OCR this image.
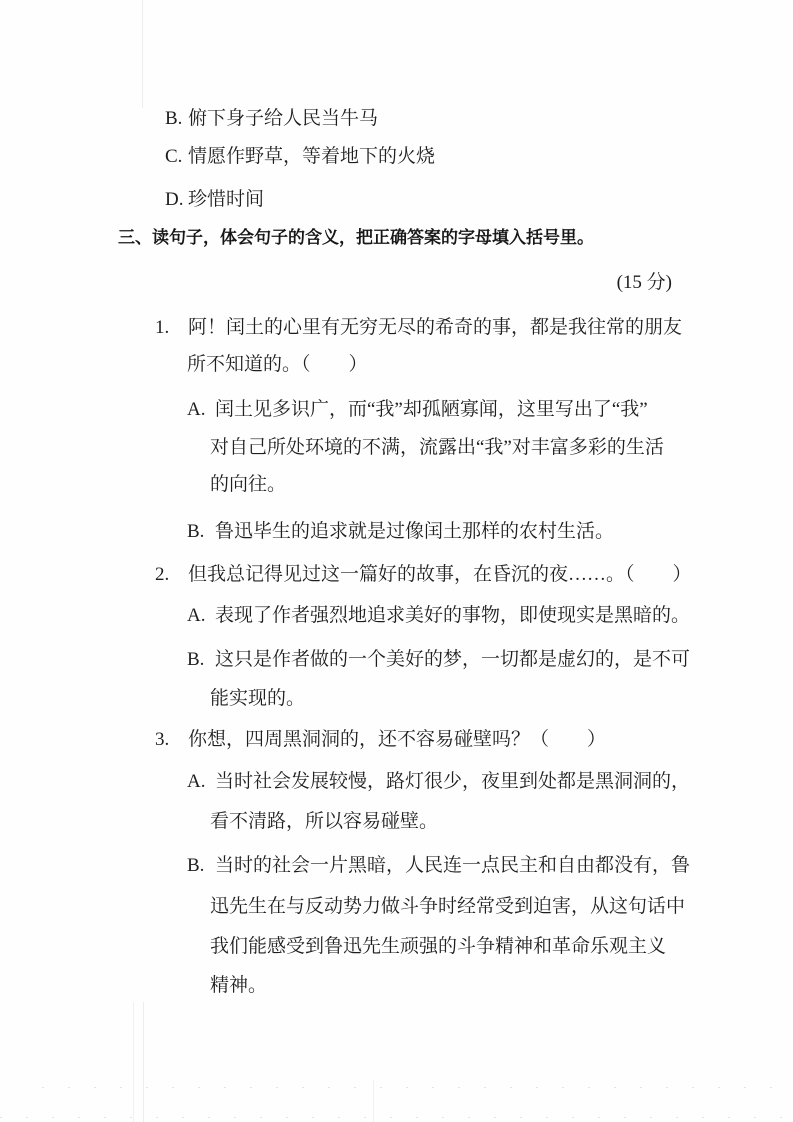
B. 俯下身子给人民当牛马
C. 情愿作野草，等着地下的火烧
D. 珍惜时间
三、读句子，体会句子的含义，把正确答案的字母填入括号里。
(15 分)
1. 阿！闰土的心里有无穷无尽的希奇的事，都是我往常的朋友
所不知道的。（　　）
A. 闰土见多识广，而“我”却孤陋寡闻，这里写出了“我”
对自己所处环境的不满，流露出“我”对丰富多彩的生活
的向往。
B. 鲁迅毕生的追求就是过像闰土那样的农村生活。
2. 但我总记得见过这一篇好的故事，在昏沉的夜……。（　　）
A. 表现了作者强烈地追求美好的事物，即使现实是黑暗的。
B. 这只是作者做的一个美好的梦，一切都是虚幻的，是不可
能实现的。
3. 你想，四周黑洞洞的，还不容易碰壁吗？（　　）
A. 当时社会发展较慢，路灯很少，夜里到处都是黑洞洞的，
看不清路，所以容易碰壁。
B. 当时的社会一片黑暗，人民连一点民主和自由都没有，鲁
迅先生在与反动势力做斗争时经常受到迫害，从这句话中
我们能感受到鲁迅先生顽强的斗争精神和革命乐观主义
精神。
